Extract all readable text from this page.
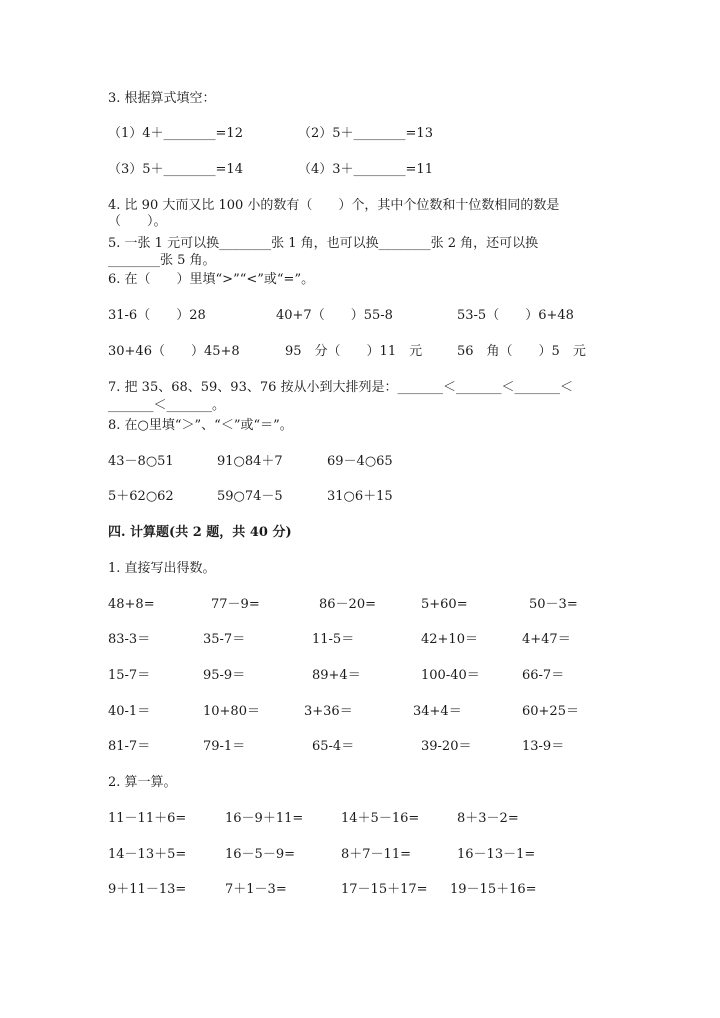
3. 根据算式填空：
（1）4＋________=12	（2）5＋________=13
（3）5＋________=14	（4）3＋________=11
4. 比 90 大而又比 100 小的数有（　　）个，其中个位数和十位数相同的数是
（　　）。
5. 一张 1 元可以换________张 1 角，也可以换________张 2 角，还可以换
________张 5 角。
6. 在（　　）里填“>”“<”或“=”。
31-6（　　）28	40+7（　　）55-8	53-5（　　）6+48
30+46（　　）45+8	95　分（　　）11　元	56　角（　　）5　元
7. 把 35、68、59、93、76 按从小到大排列是：_______＜_______＜_______＜
_______＜_______。
8. 在○里填“＞”、“＜”或“＝”。
43－8○51	91○84＋7	69－4○65
5＋62○62	59○74－5	31○6＋15
四. 计算题(共 2 题，共 40 分)
1. 直接写出得数。
48+8=	77－9=	86－20=	5+60=	50－3=
83-3＝	35-7＝	11-5＝	42+10＝	4+47＝
15-7＝	95-9＝	89+4＝	100-40＝	66-7＝
40-1＝	10+80＝	3+36＝	34+4＝	60+25＝
81-7＝	79-1＝	65-4＝	39-20＝	13-9＝
2. 算一算。
11－11＋6=	16－9＋11=	14＋5－16=	8＋3－2=
14－13＋5=	16－5－9=	8＋7－11=	16－13－1=
9＋11－13=	7＋1－3=	17－15＋17= 19－15＋16=
